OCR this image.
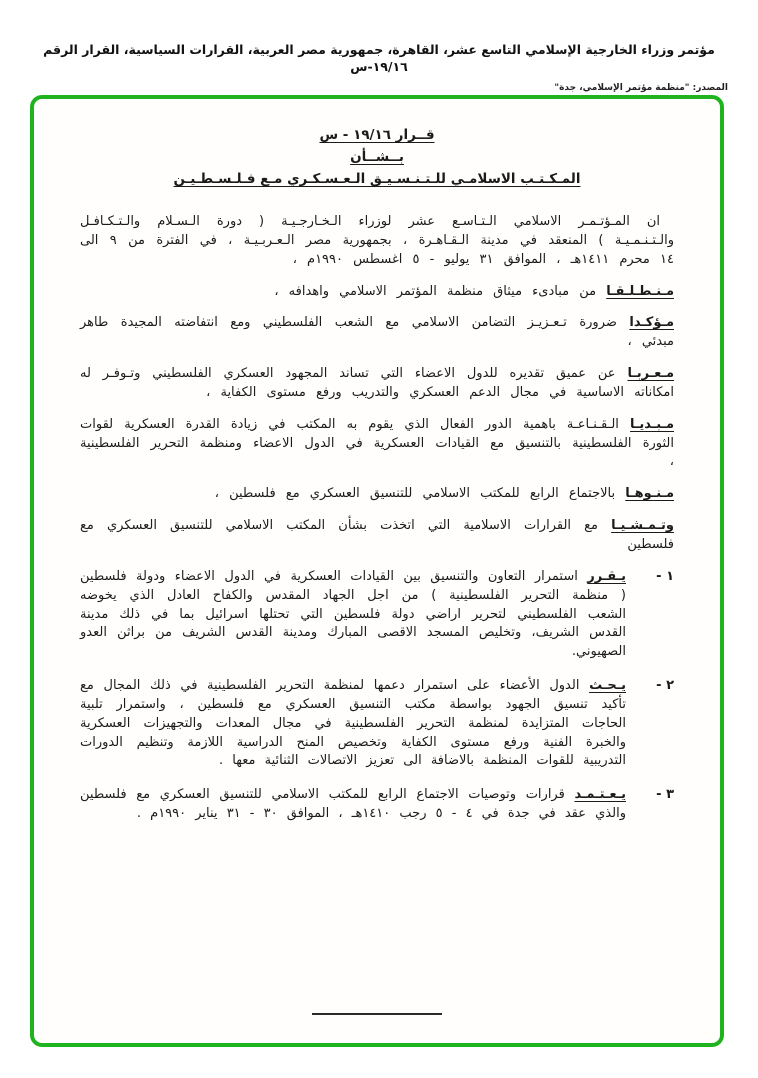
مؤتمر وزراء الخارجية الإسلامي التاسع عشر، القاهرة، جمهورية مصر العربية، القرارات السياسية، القرار الرقم ١٩/١٦-س
المصدر: "منظمة مؤتمر الإسلامي، جدة"
قــرار ١٩/١٦ - س
بــشــأن
المـكـتـب الاسلامـي للـتـنـسـيـق الـعـسـكـري مـع فـلـسـطـيـن

ان المـؤتـمـر الاسلامي الـتـاسـع عشر لوزراء الـخـارجـيـة ( دورة الـسـلام والـتـكـافـل والـتـنـمـيـة ) المنعقد في مدينة الـقـاهـرة ، بجمهورية مصر الـعـربـيـة ، في الفترة من ٩ الى ١٤ محرم ١٤١١هـ ، الموافق ٣١ يوليو - ٥ اغسطس ١٩٩٠م ،

مـنـطـلـقـا من مبادىء ميثاق منظمة المؤتمر الاسلامي واهدافه ،

مـؤكـدا ضرورة تـعـزيـز التضامن الاسلامي مع الشعب الفلسطيني ومع انتفاضته المجيدة طاهر مبدئي ،

مـعـربـا عن عميق تقديره للدول الاعضاء التي تساند المجهود العسكري الفلسطيني وتـوفـر له امكاناته الاساسية في مجال الدعم العسكري والتدريب ورفع مستوى الكفاية ،

مـبـديـا الـقـنـاعـة باهمية الدور الفعال الذي يقوم به المكتب في زيادة القدرة العسكرية لقوات الثورة الفلسطينية بالتنسيق مع القيادات العسكرية في الدول الاعضاء ومنظمة التحرير الفلسطينية ،

مـنـوهـا بالاجتماع الرابع للمكتب الاسلامي للتنسيق العسكري مع فلسطين ،

وتـمـشـيـا مع القرارات الاسلامية التي اتخذت بشأن المكتب الاسلامي للتنسيق العسكري مع فلسطين

١ -
يـقـرر استمرار التعاون والتنسيق بين القيادات العسكرية في الدول الاعضاء ودولة فلسطين ( منظمة التحرير الفلسطينية ) من اجل الجهاد المقدس والكفاح العادل الذي يخوضه الشعب الفلسطيني لتحرير اراضي دولة فلسطين التي تحتلها اسرائيل بما في ذلك مدينة القدس الشريف، وتخليص المسجد الاقصى المبارك ومدينة القدس الشريف من براثن العدو الصهيوني.
٢ -
يـحـث الدول الأعضاء على استمرار دعمها لمنظمة التحرير الفلسطينية في ذلك المجال مع تأكيد تنسيق الجهود بواسطة مكتب التنسيق العسكري مع فلسطين ، واستمرار تلبية الحاجات المتزايدة لمنظمة التحرير الفلسطينية في مجال المعدات والتجهيزات العسكرية والخبرة الفنية ورفع مستوى الكفاية وتخصيص المنح الدراسية اللازمة وتنظيم الدورات التدريبية للقوات المنظمة بالاضافة الى تعزيز الاتصالات الثنائية معها .
٣ -
يـعـتـمـد قرارات وتوصيات الاجتماع الرابع للمكتب الاسلامي للتنسيق العسكري مع فلسطين والذي عقد في جدة في ٤ - ٥ رجب ١٤١٠هـ ، الموافق ٣٠ - ٣١ يناير ١٩٩٠م .
